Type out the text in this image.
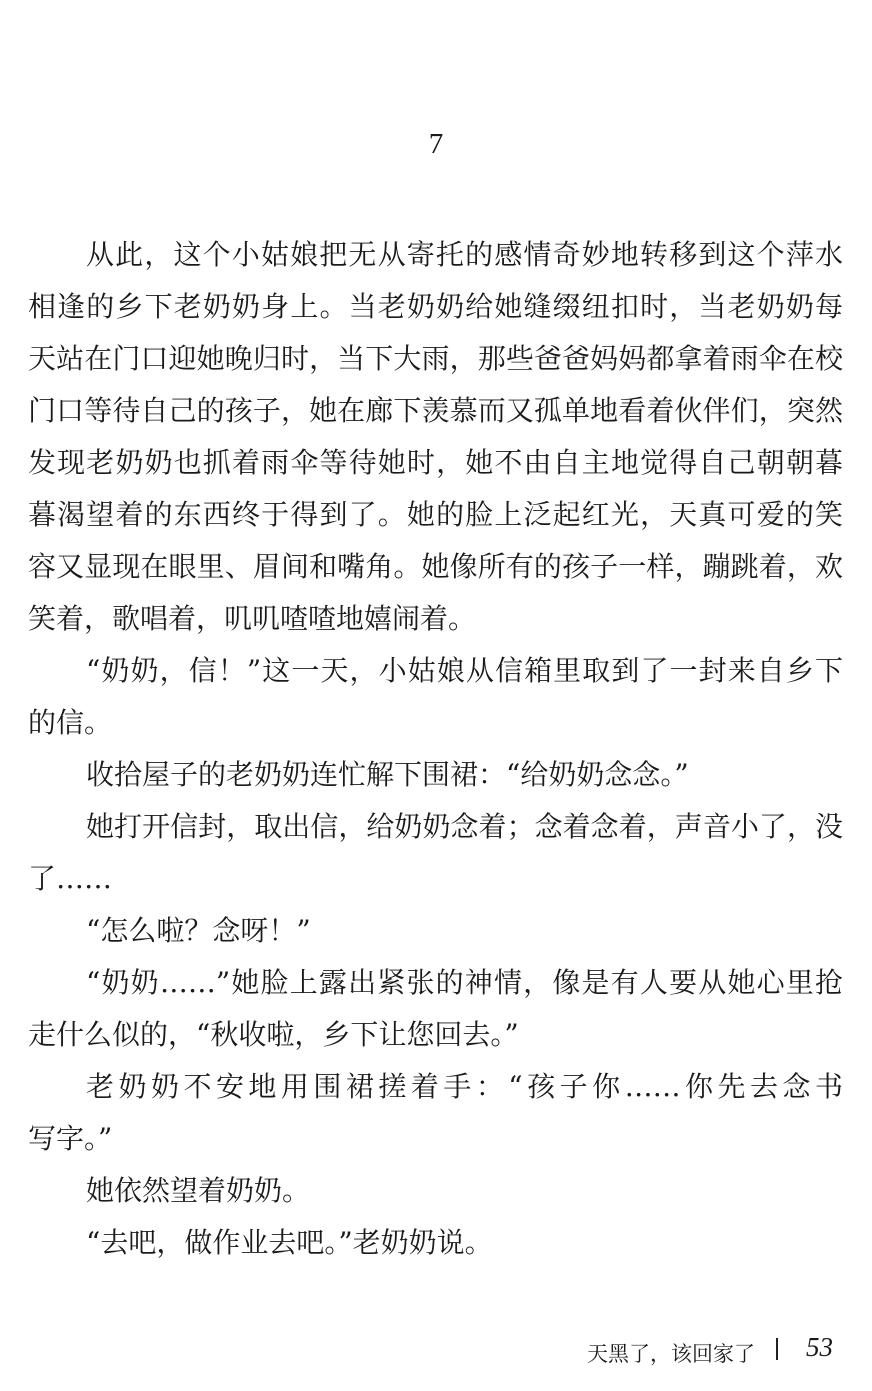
7
从此，这个小姑娘把无从寄托的感情奇妙地转移到这个萍水
相逢的乡下老奶奶身上。当老奶奶给她缝缀纽扣时，当老奶奶每
天站在门口迎她晚归时，当下大雨，那些爸爸妈妈都拿着雨伞在校
门口等待自己的孩子，她在廊下羡慕而又孤单地看着伙伴们，突然
发现老奶奶也抓着雨伞等待她时，她不由自主地觉得自己朝朝暮
暮渴望着的东西终于得到了。她的脸上泛起红光，天真可爱的笑
容又显现在眼里、眉间和嘴角。她像所有的孩子一样，蹦跳着，欢
笑着，歌唱着，叽叽喳喳地嬉闹着。
“奶奶，信！”这一天，小姑娘从信箱里取到了一封来自乡下
的信。
收拾屋子的老奶奶连忙解下围裙：“给奶奶念念。”
她打开信封，取出信，给奶奶念着；念着念着，声音小了，没
了……
“怎么啦？念呀！”
“奶奶……”她脸上露出紧张的神情，像是有人要从她心里抢
走什么似的，“秋收啦，乡下让您回去。”
老奶奶不安地用围裙搓着手：“孩子你……你先去念书
写字。”
她依然望着奶奶。
“去吧，做作业去吧。”老奶奶说。
天黑了，该回家了 53
